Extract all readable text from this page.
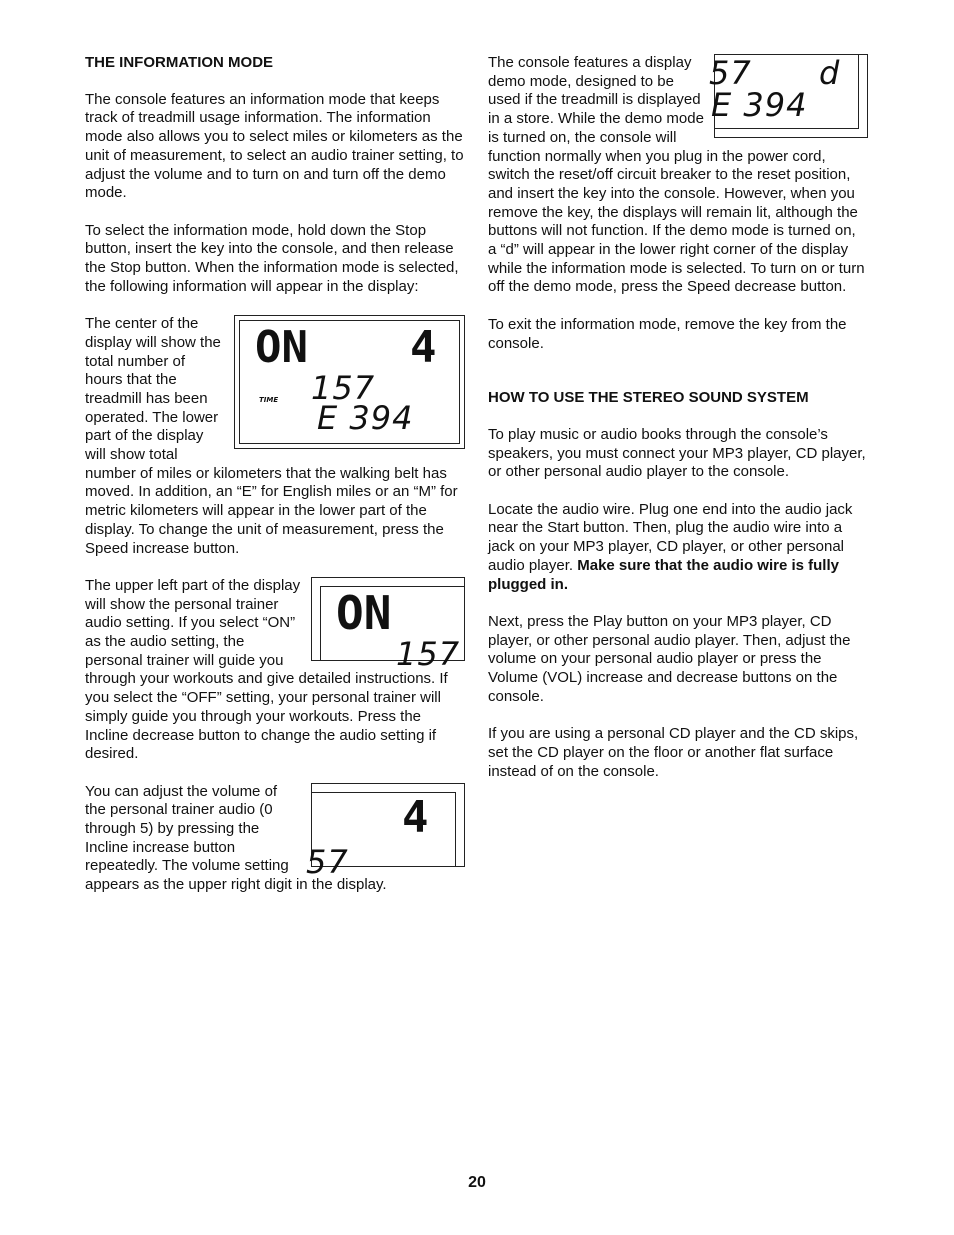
THE INFORMATION MODE

The console features an information mode that keeps track of treadmill usage information. The information mode also allows you to select miles or kilometers as the unit of measurement, to select an audio trainer setting, to adjust the volume and to turn on and turn off the demo mode.

To select the information mode, hold down the Stop button, insert the key into the console, and then release the Stop button. When the information mode is selected, the following information will appear in the display:

ON 4
TIME 157
E 394

The center of the display will show the total number of hours that the treadmill has been operated. The lower part of the display will show total number of miles or kilometers that the walking belt has moved. In addition, an “E” for English miles or an “M” for metric kilometers will appear in the lower part of the display. To change the unit of measurement, press the Speed increase button.

ON
157

The upper left part of the display will show the personal trainer audio setting. If you select “ON” as the audio setting, the personal trainer will guide you through your workouts and give detailed instructions. If you select the “OFF” setting, your personal trainer will simply guide you through your workouts. Press the Incline decrease button to change the audio setting if desired.

4
57

You can adjust the volume of the personal trainer audio (0 through 5) by pressing the Incline increase button repeatedly. The volume setting appears as the upper right digit in the display.

57 d
E 394

The console features a display demo mode, designed to be used if the treadmill is displayed in a store. While the demo mode is turned on, the console will function normally when you plug in the power cord, switch the reset/off circuit breaker to the reset position, and insert the key into the console. However, when you remove the key, the displays will remain lit, although the buttons will not function. If the demo mode is turned on, a “d” will appear in the lower right corner of the display while the information mode is selected. To turn on or turn off the demo mode, press the Speed decrease button.

To exit the information mode, remove the key from the console.

HOW TO USE THE STEREO SOUND SYSTEM

To play music or audio books through the console’s speakers, you must connect your MP3 player, CD player, or other personal audio player to the console.

Locate the audio wire. Plug one end into the audio jack near the Start button. Then, plug the audio wire into a jack on your MP3 player, CD player, or other personal audio player. Make sure that the audio wire is fully plugged in.

Next, press the Play button on your MP3 player, CD player, or other personal audio player. Then, adjust the volume on your personal audio player or press the Volume (VOL) increase and decrease buttons on the console.

If you are using a personal CD player and the CD skips, set the CD player on the floor or another flat surface instead of on the console.

20
